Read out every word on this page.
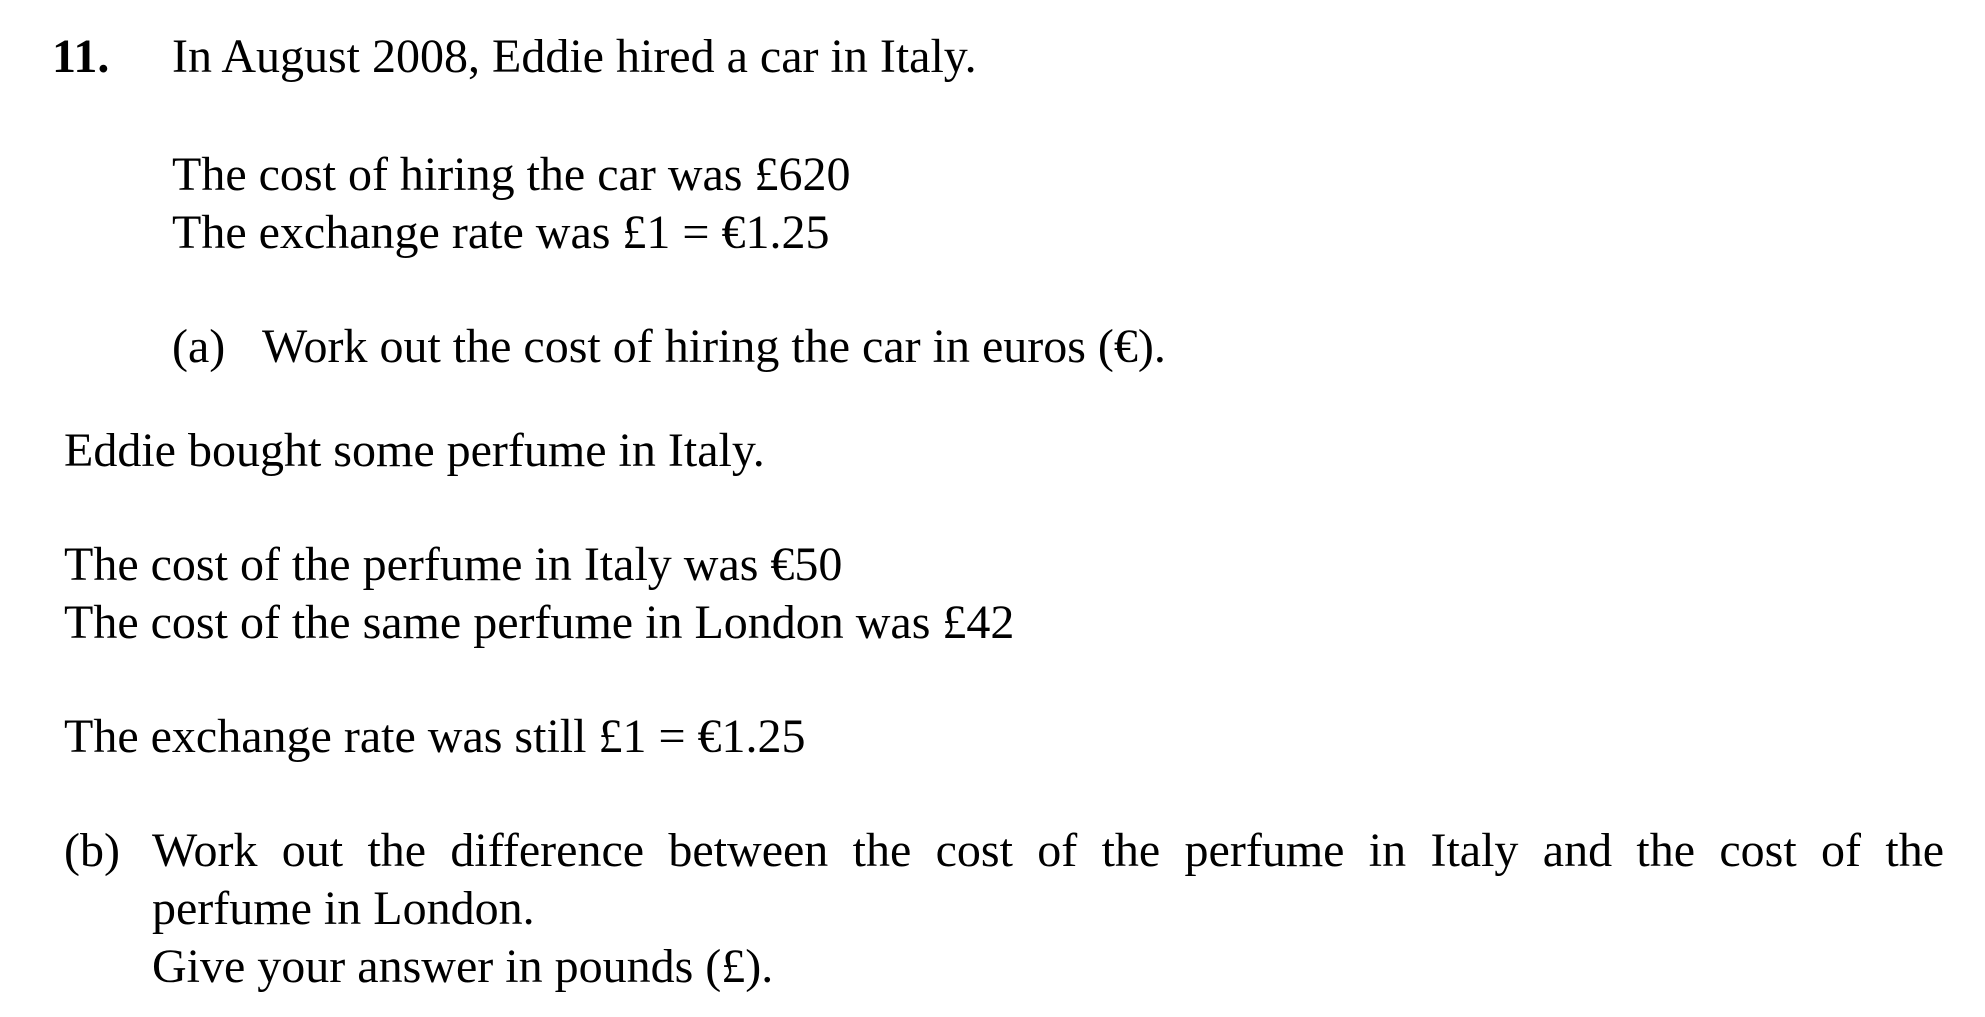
11. In August 2008, Eddie hired a car in Italy.

The cost of hiring the car was £620

The exchange rate was £1 = €1.25

(a) Work out the cost of hiring the car in euros (€).

Eddie bought some perfume in Italy.

The cost of the perfume in Italy was €50

The cost of the same perfume in London was £42

The exchange rate was still £1 = €1.25

(b) Work out the difference between the cost of the perfume in Italy and the cost of the
perfume in London.
Give your answer in pounds (£).
